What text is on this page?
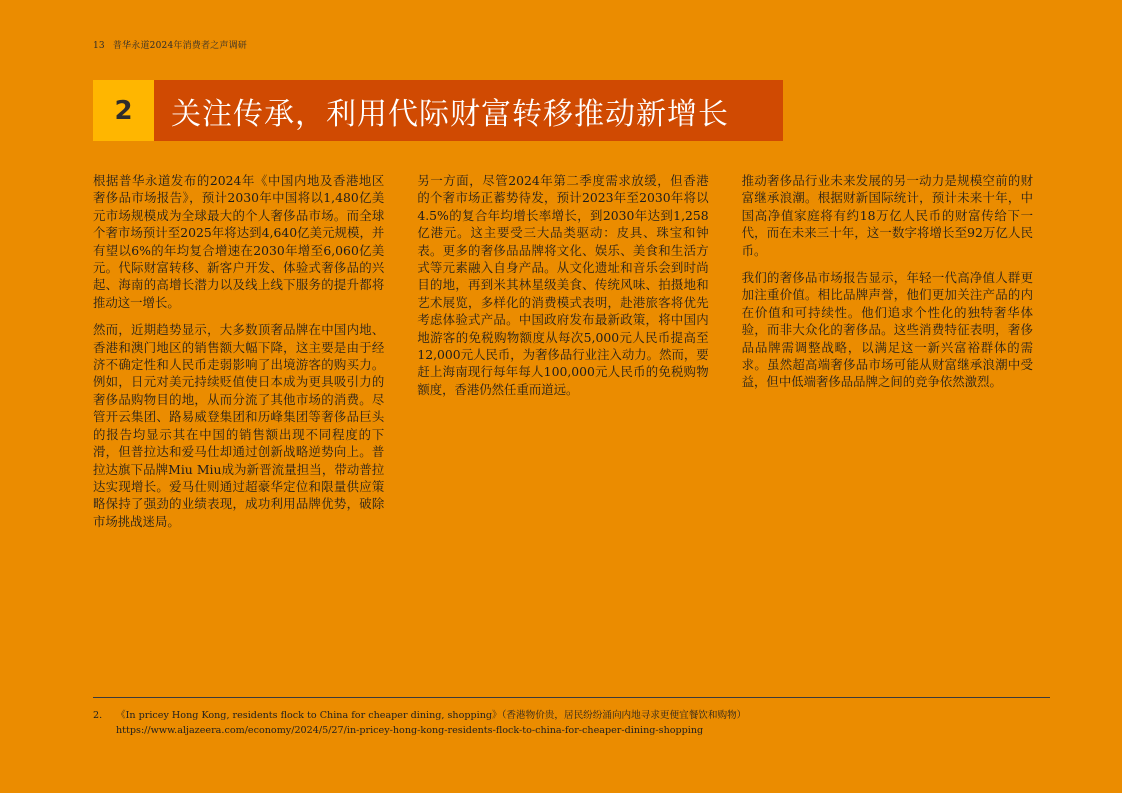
13 普华永道2024年消费者之声调研
2	关注传承，利用代际财富转移推动新增长

根据普华永道发布的2024年《中国内地及香港地区奢侈品市场报告》，预计2030年中国将以1,480亿美元市场规模成为全球最大的个人奢侈品市场。而全球个奢市场预计至2025年将达到4,640亿美元规模，并有望以6%的年均复合增速在2030年增至6,060亿美元。代际财富转移、新客户开发、体验式奢侈品的兴起、海南的高增长潜力以及线上线下服务的提升都将推动这一增长。

然而，近期趋势显示，大多数顶奢品牌在中国内地、香港和澳门地区的销售额大幅下降，这主要是由于经济不确定性和人民币走弱影响了出境游客的购买力。例如，日元对美元持续贬值使日本成为更具吸引力的奢侈品购物目的地，从而分流了其他市场的消费。尽管开云集团、路易威登集团和历峰集团等奢侈品巨头的报告均显示其在中国的销售额出现不同程度的下滑，但普拉达和爱马仕却通过创新战略逆势向上。普拉达旗下品牌Miu Miu成为新晋流量担当，带动普拉达实现增长。爱马仕则通过超豪华定位和限量供应策略保持了强劲的业绩表现，成功利用品牌优势，破除市场挑战迷局。

另一方面，尽管2024年第二季度需求放缓，但香港的个奢市场正蓄势待发，预计2023年至2030年将以4.5%的复合年均增长率增长，到2030年达到1,258亿港元。这主要受三大品类驱动：皮具、珠宝和钟表。更多的奢侈品品牌将文化、娱乐、美食和生活方式等元素融入自身产品。从文化遗址和音乐会到时尚目的地，再到米其林星级美食、传统风味、拍摄地和艺术展览，多样化的消费模式表明，赴港旅客将优先考虑体验式产品。中国政府发布最新政策，将中国内地游客的免税购物额度从每次5,000元人民币提高至12,000元人民币，为奢侈品行业注入动力。然而，要赶上海南现行每年每人100,000元人民币的免税购物额度，香港仍然任重而道远。

推动奢侈品行业未来发展的另一动力是规模空前的财富继承浪潮。根据财新国际统计，预计未来十年，中国高净值家庭将有约18万亿人民币的财富传给下一代，而在未来三十年，这一数字将增长至92万亿人民币。

我们的奢侈品市场报告显示，年轻一代高净值人群更加注重价值。相比品牌声誉，他们更加关注产品的内在价值和可持续性。他们追求个性化的独特奢华体验，而非大众化的奢侈品。这些消费特征表明，奢侈品品牌需调整战略，以满足这一新兴富裕群体的需求。虽然超高端奢侈品市场可能从财富继承浪潮中受益，但中低端奢侈品品牌之间的竞争依然激烈。

2. 《In pricey Hong Kong, residents flock to China for cheaper dining, shopping》（香港物价贵，居民纷纷涌向内地寻求更便宜餐饮和购物）
https://www.aljazeera.com/economy/2024/5/27/in-pricey-hong-kong-residents-flock-to-china-for-cheaper-dining-shopping
